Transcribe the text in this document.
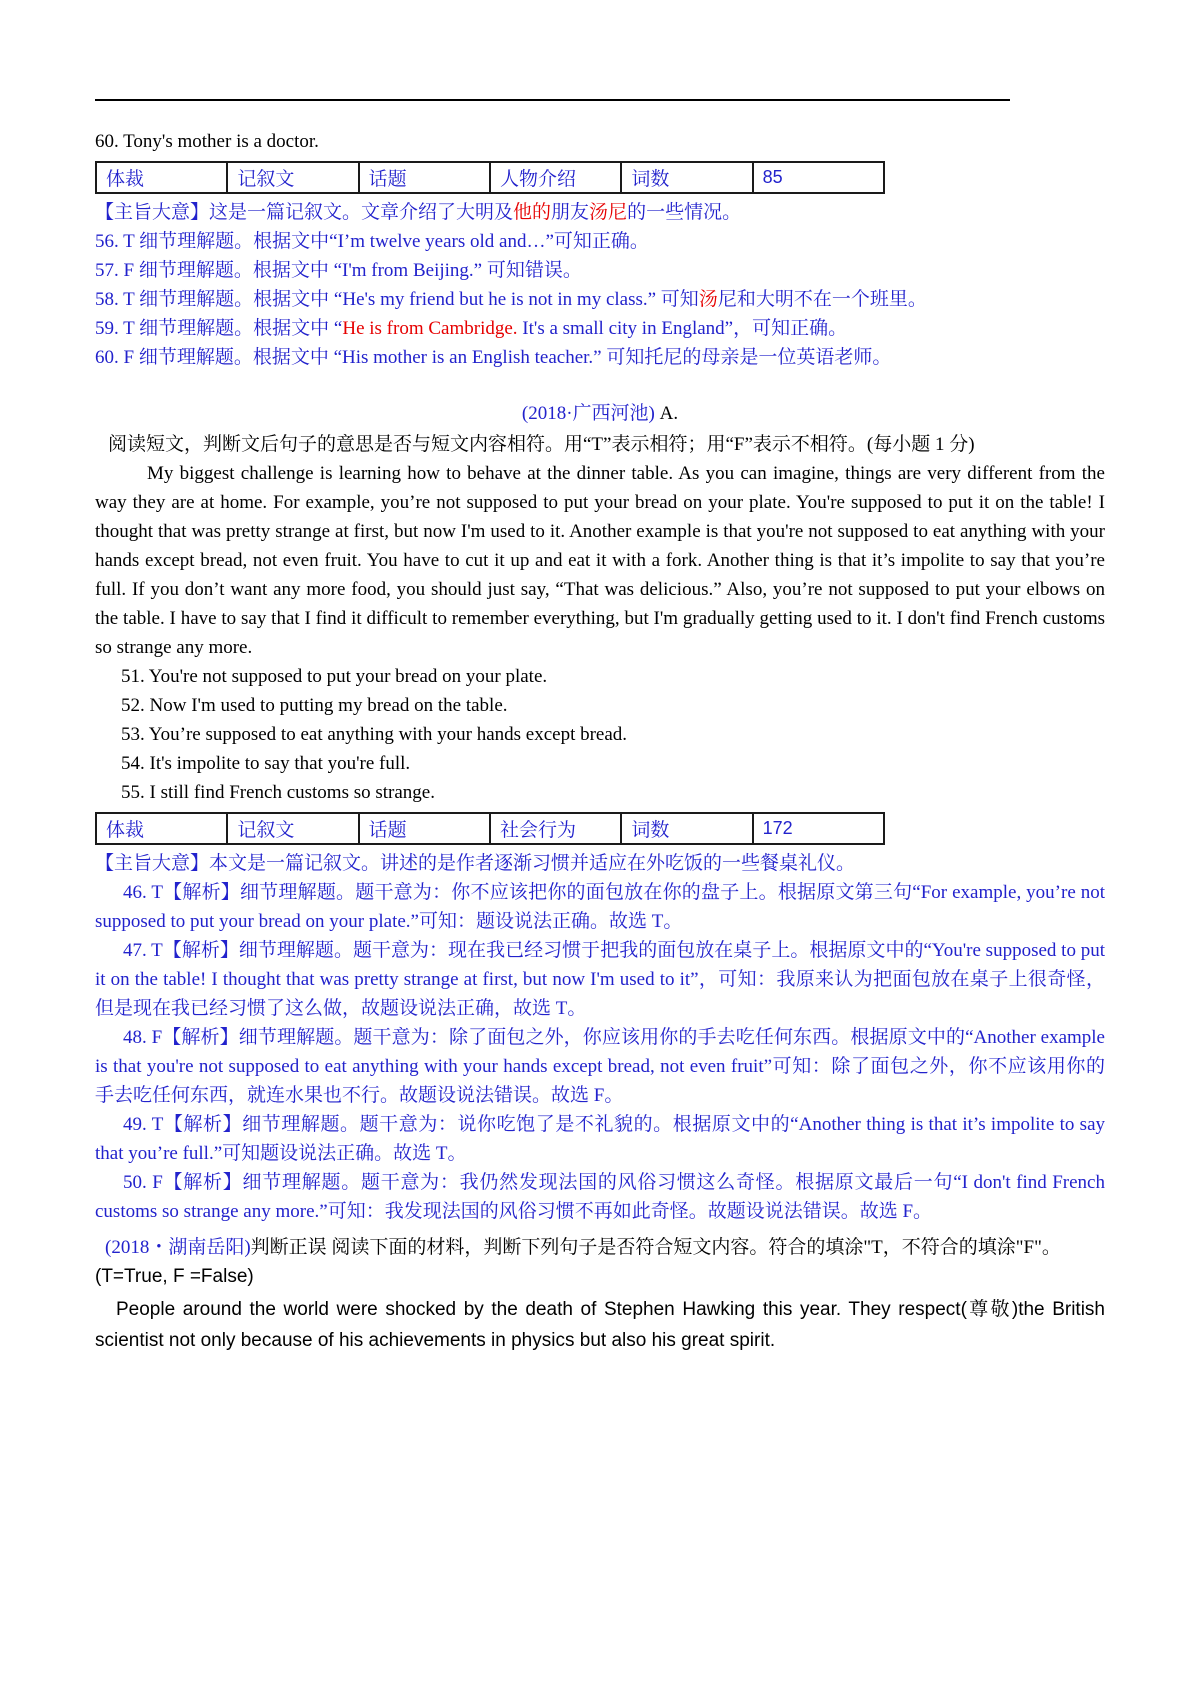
60. Tony's mother is a doctor.

体裁	记叙文	话题	人物介绍	词数	85

【主旨大意】这是一篇记叙文。文章介绍了大明及他的朋友汤尼的一些情况。

56. T 细节理解题。根据文中“I’m twelve years old and…”可知正确。

57. F 细节理解题。根据文中 “I'm from Beijing.” 可知错误。

58. T 细节理解题。根据文中 “He's my friend but he is not in my class.” 可知汤尼和大明不在一个班里。

59. T 细节理解题。根据文中 “He is from Cambridge. It's a small city in England”，可知正确。

60. F 细节理解题。根据文中 “His mother is an English teacher.” 可知托尼的母亲是一位英语老师。

(2018·广西河池) A.

阅读短文，判断文后句子的意思是否与短文内容相符。用“T”表示相符；用“F”表示不相符。(每小题 1 分)

My biggest challenge is learning how to behave at the dinner table. As you can imagine, things are very different from the way they are at home. For example, you’re not supposed to put your bread on your plate. You're supposed to put it on the table! I thought that was pretty strange at first, but now I'm used to it. Another example is that you're not supposed to eat anything with your hands except bread, not even fruit. You have to cut it up and eat it with a fork. Another thing is that it’s impolite to say that you’re full. If you don’t want any more food, you should just say, “That was delicious.” Also, you’re not supposed to put your elbows on the table. I have to say that I find it difficult to remember everything, but I'm gradually getting used to it. I don't find French customs so strange any more.

51. You're not supposed to put your bread on your plate.

52. Now I'm used to putting my bread on the table.

53. You’re supposed to eat anything with your hands except bread.

54. It's impolite to say that you're full.

55. I still find French customs so strange.

体裁	记叙文	话题	社会行为	词数	172

【主旨大意】本文是一篇记叙文。讲述的是作者逐渐习惯并适应在外吃饭的一些餐桌礼仪。

46. T【解析】细节理解题。题干意为：你不应该把你的面包放在你的盘子上。根据原文第三句“For example, you’re not supposed to put your bread on your plate.”可知：题设说法正确。故选 T。

47. T【解析】细节理解题。题干意为：现在我已经习惯于把我的面包放在桌子上。根据原文中的“You're supposed to put it on the table! I thought that was pretty strange at first, but now I'm used to it”，可知：我原来认为把面包放在桌子上很奇怪，但是现在我已经习惯了这么做，故题设说法正确，故选 T。

48. F【解析】细节理解题。题干意为：除了面包之外，你应该用你的手去吃任何东西。根据原文中的“Another example is that you're not supposed to eat anything with your hands except bread, not even fruit”可知：除了面包之外，你不应该用你的手去吃任何东西，就连水果也不行。故题设说法错误。故选 F。

49. T【解析】细节理解题。题干意为：说你吃饱了是不礼貌的。根据原文中的“Another thing is that it’s impolite to say that you’re full.”可知题设说法正确。故选 T。

50. F【解析】细节理解题。题干意为：我仍然发现法国的风俗习惯这么奇怪。根据原文最后一句“I don't find French customs so strange any more.”可知：我发现法国的风俗习惯不再如此奇怪。故题设说法错误。故选 F。

(2018・湖南岳阳)判断正误 阅读下面的材料，判断下列句子是否符合短文内容。符合的填涂"T，不符合的填涂"F"。　(T=True, F =False)

People around the world were shocked by the death of Stephen Hawking this year. They respect(尊敬)the British scientist not only because of his achievements in physics but also his great spirit.
